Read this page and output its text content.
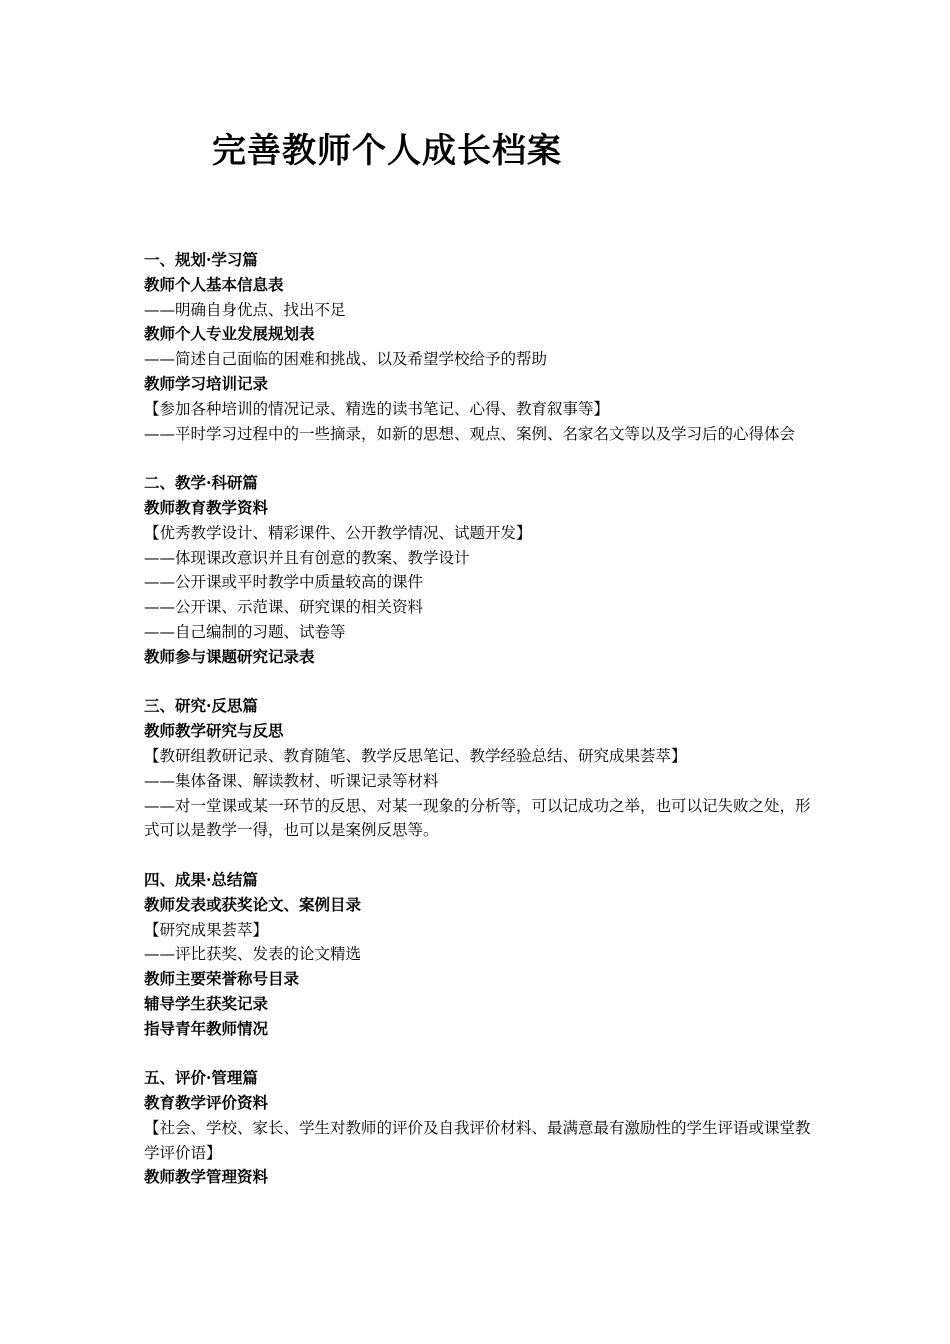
完善教师个人成长档案
一、规划·学习篇
教师个人基本信息表
——明确自身优点、找出不足
教师个人专业发展规划表
——简述自己面临的困难和挑战、以及希望学校给予的帮助
教师学习培训记录
【参加各种培训的情况记录、精选的读书笔记、心得、教育叙事等】
——平时学习过程中的一些摘录，如新的思想、观点、案例、名家名文等以及学习后的心得体会
二、教学·科研篇
教师教育教学资料
【优秀教学设计、精彩课件、公开教学情况、试题开发】
——体现课改意识并且有创意的教案、教学设计
——公开课或平时教学中质量较高的课件
——公开课、示范课、研究课的相关资料
——自己编制的习题、试卷等
教师参与课题研究记录表
三、研究·反思篇
教师教学研究与反思
【教研组教研记录、教育随笔、教学反思笔记、教学经验总结、研究成果荟萃】
——集体备课、解读教材、听课记录等材料
——对一堂课或某一环节的反思、对某一现象的分析等，可以记成功之举，也可以记失败之处，形式可以是教学一得，也可以是案例反思等。
四、成果·总结篇
教师发表或获奖论文、案例目录
【研究成果荟萃】
——评比获奖、发表的论文精选
教师主要荣誉称号目录
辅导学生获奖记录
指导青年教师情况
五、评价·管理篇
教育教学评价资料
【社会、学校、家长、学生对教师的评价及自我评价材料、最满意最有激励性的学生评语或课堂教学评价语】
教师教学管理资料
